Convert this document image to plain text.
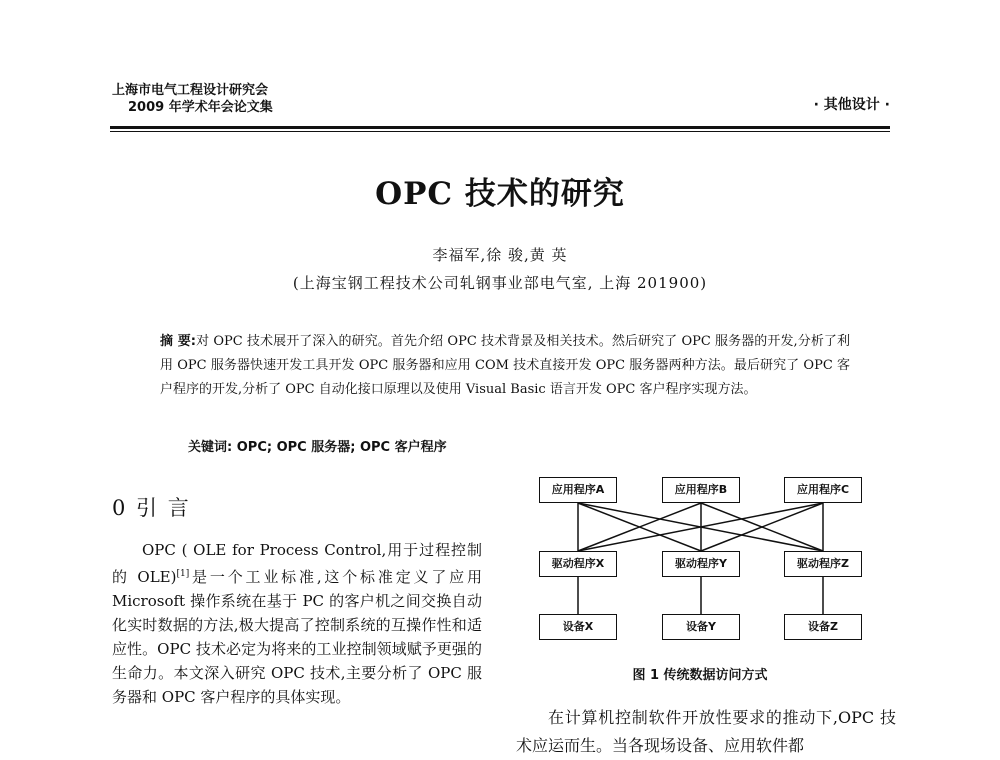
上海市电气工程设计研究会
2009 年学术年会论文集	· 其他设计 ·
OPC 技术的研究
李福军,徐 骏,黄 英
(上海宝钢工程技术公司轧钢事业部电气室, 上海 201900)
摘 要:对 OPC 技术展开了深入的研究。首先介绍 OPC 技术背景及相关技术。然后研究了 OPC 服务器的开发,分析了利用 OPC 服务器快速开发工具开发 OPC 服务器和应用 COM 技术直接开发 OPC 服务器两种方法。最后研究了 OPC 客户程序的开发,分析了 OPC 自动化接口原理以及使用 Visual Basic 语言开发 OPC 客户程序实现方法。
关键词: OPC; OPC 服务器; OPC 客户程序
0 引 言
OPC ( OLE for Process Control,用于过程控制的 OLE)[1]是一个工业标准,这个标准定义了应用 Microsoft 操作系统在基于 PC 的客户机之间交换自动化实时数据的方法,极大提高了控制系统的互操作性和适应性。OPC 技术必定为将来的工业控制领域赋予更强的生命力。本文深入研究 OPC 技术,主要分析了 OPC 服务器和 OPC 客户程序的具体实现。
应用程序A	应用程序B	应用程序C
驱动程序X	驱动程序Y	驱动程序Z
设备X	设备Y	设备Z
图 1 传统数据访问方式
在计算机控制软件开放性要求的推动下,OPC 技术应运而生。当各现场设备、应用软件都
